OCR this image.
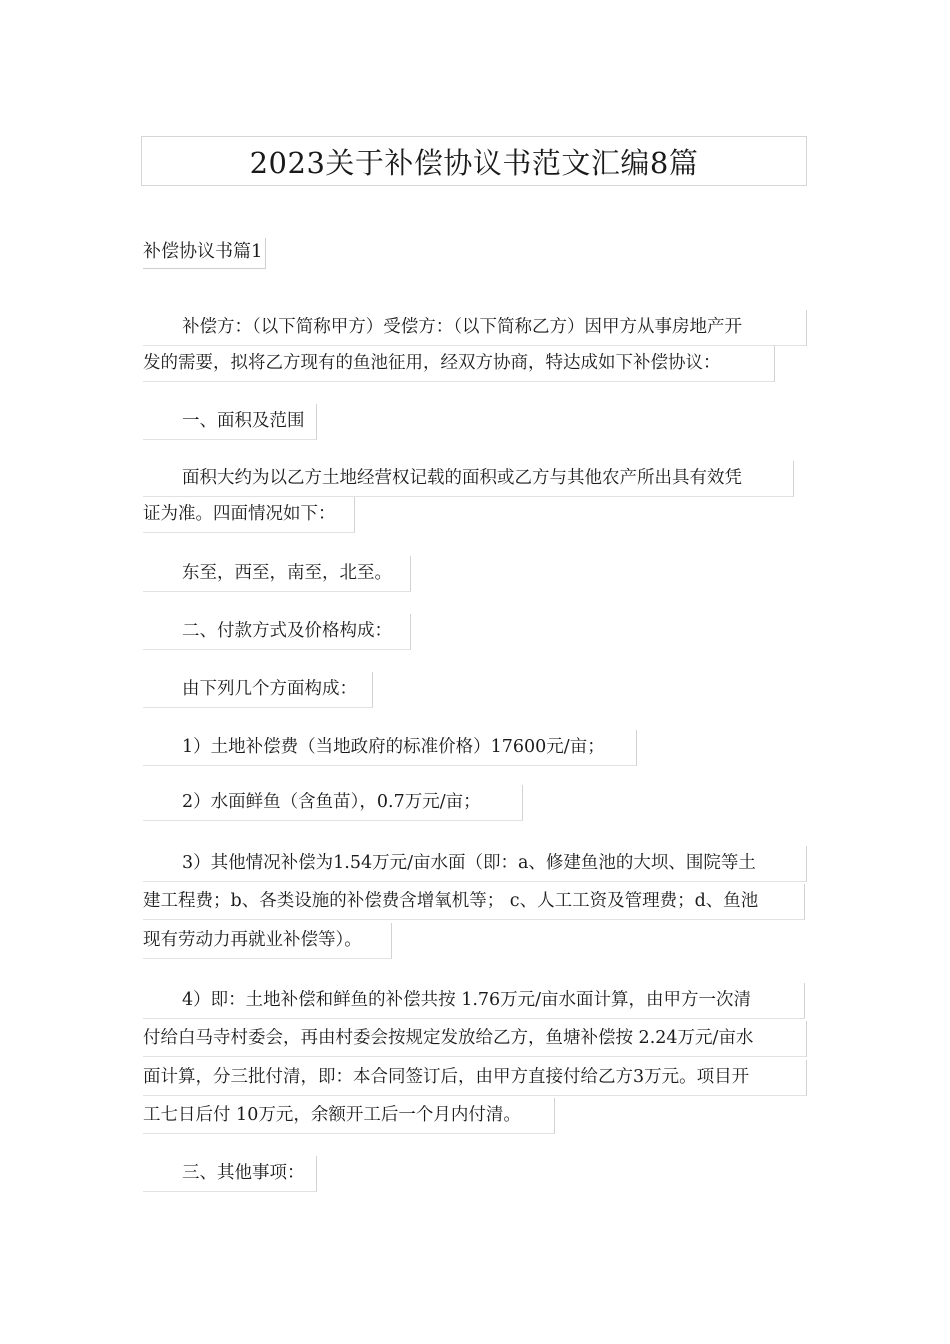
2023关于补偿协议书范文汇编8篇
补偿协议书篇1
补偿方：（以下简称甲方）受偿方：（以下简称乙方）因甲方从事房地产开
发的需要，拟将乙方现有的鱼池征用，经双方协商，特达成如下补偿协议：
一、面积及范围
面积大约为以乙方土地经营权记载的面积或乙方与其他农产所出具有效凭
证为准。四面情况如下：
东至，西至，南至，北至。
二、付款方式及价格构成：
由下列几个方面构成：
1）土地补偿费（当地政府的标准价格）17600元/亩；
2）水面鲜鱼（含鱼苗），0.7万元/亩；
3）其他情况补偿为1.54万元/亩水面（即：a、修建鱼池的大坝、围院等土
建工程费；b、各类设施的补偿费含增氧机等； c、人工工资及管理费；d、鱼池
现有劳动力再就业补偿等）。
4）即：土地补偿和鲜鱼的补偿共按 1.76万元/亩水面计算，由甲方一次清
付给白马寺村委会，再由村委会按规定发放给乙方，鱼塘补偿按 2.24万元/亩水
面计算，分三批付清，即：本合同签订后，由甲方直接付给乙方3万元。项目开
工七日后付 10万元，余额开工后一个月内付清。
三、其他事项：
